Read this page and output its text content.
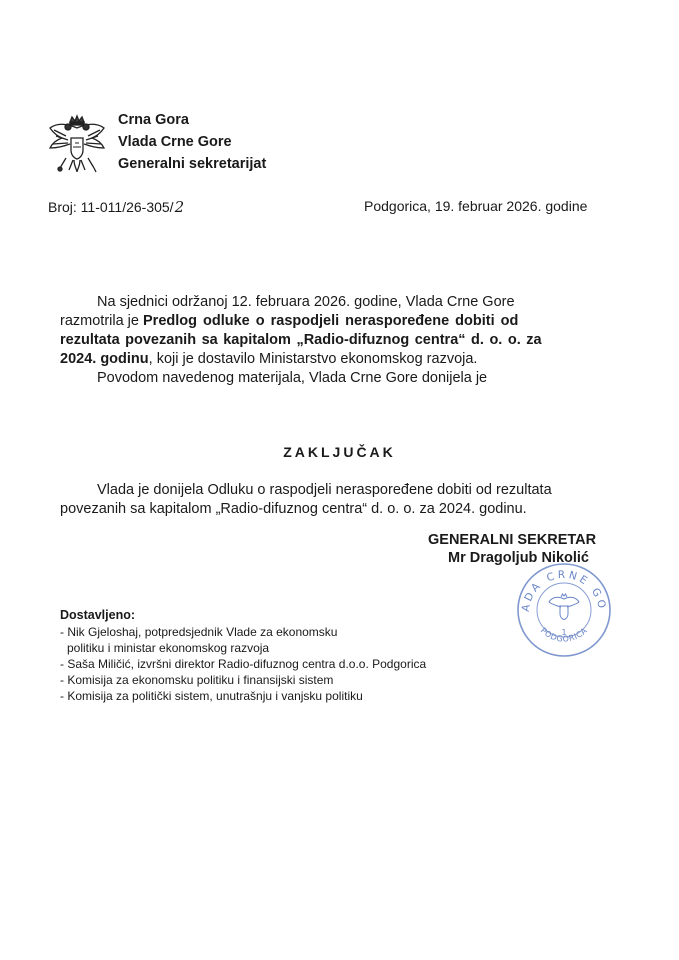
Crna Gora
Vlada Crne Gore
Generalni sekretarijat
Broj: 11-011/26-305/2	Podgorica, 19. februar 2026. godine
Na sjednici održanoj 12. februara 2026. godine, Vlada Crne Gore
razmotrila je Predlog odluke o raspodjeli neraspoređene dobiti od
rezultata povezanih sa kapitalom „Radio-difuznog centra“ d. o. o. za
2024. godinu, koji je dostavilo Ministarstvo ekonomskog razvoja.
Povodom navedenog materijala, Vlada Crne Gore donijela je
ZAKLJUČAK
Vlada je donijela Odluku o raspodjeli neraspoređene dobiti od rezultata
povezanih sa kapitalom „Radio-difuznog centra“ d. o. o. za 2024. godinu.
GENERALNI SEKRETAR
Mr Dragoljub Nikolić
ADA CRNE GO
PODGORICA
1
Dostavljeno:
- Nik Gjeloshaj, potpredsjednik Vlade za ekonomsku
politiku i ministar ekonomskog razvoja
- Saša Miličić, izvršni direktor Radio-difuznog centra d.o.o. Podgorica
- Komisija za ekonomsku politiku i finansijski sistem
- Komisija za politički sistem, unutrašnju i vanjsku politiku
